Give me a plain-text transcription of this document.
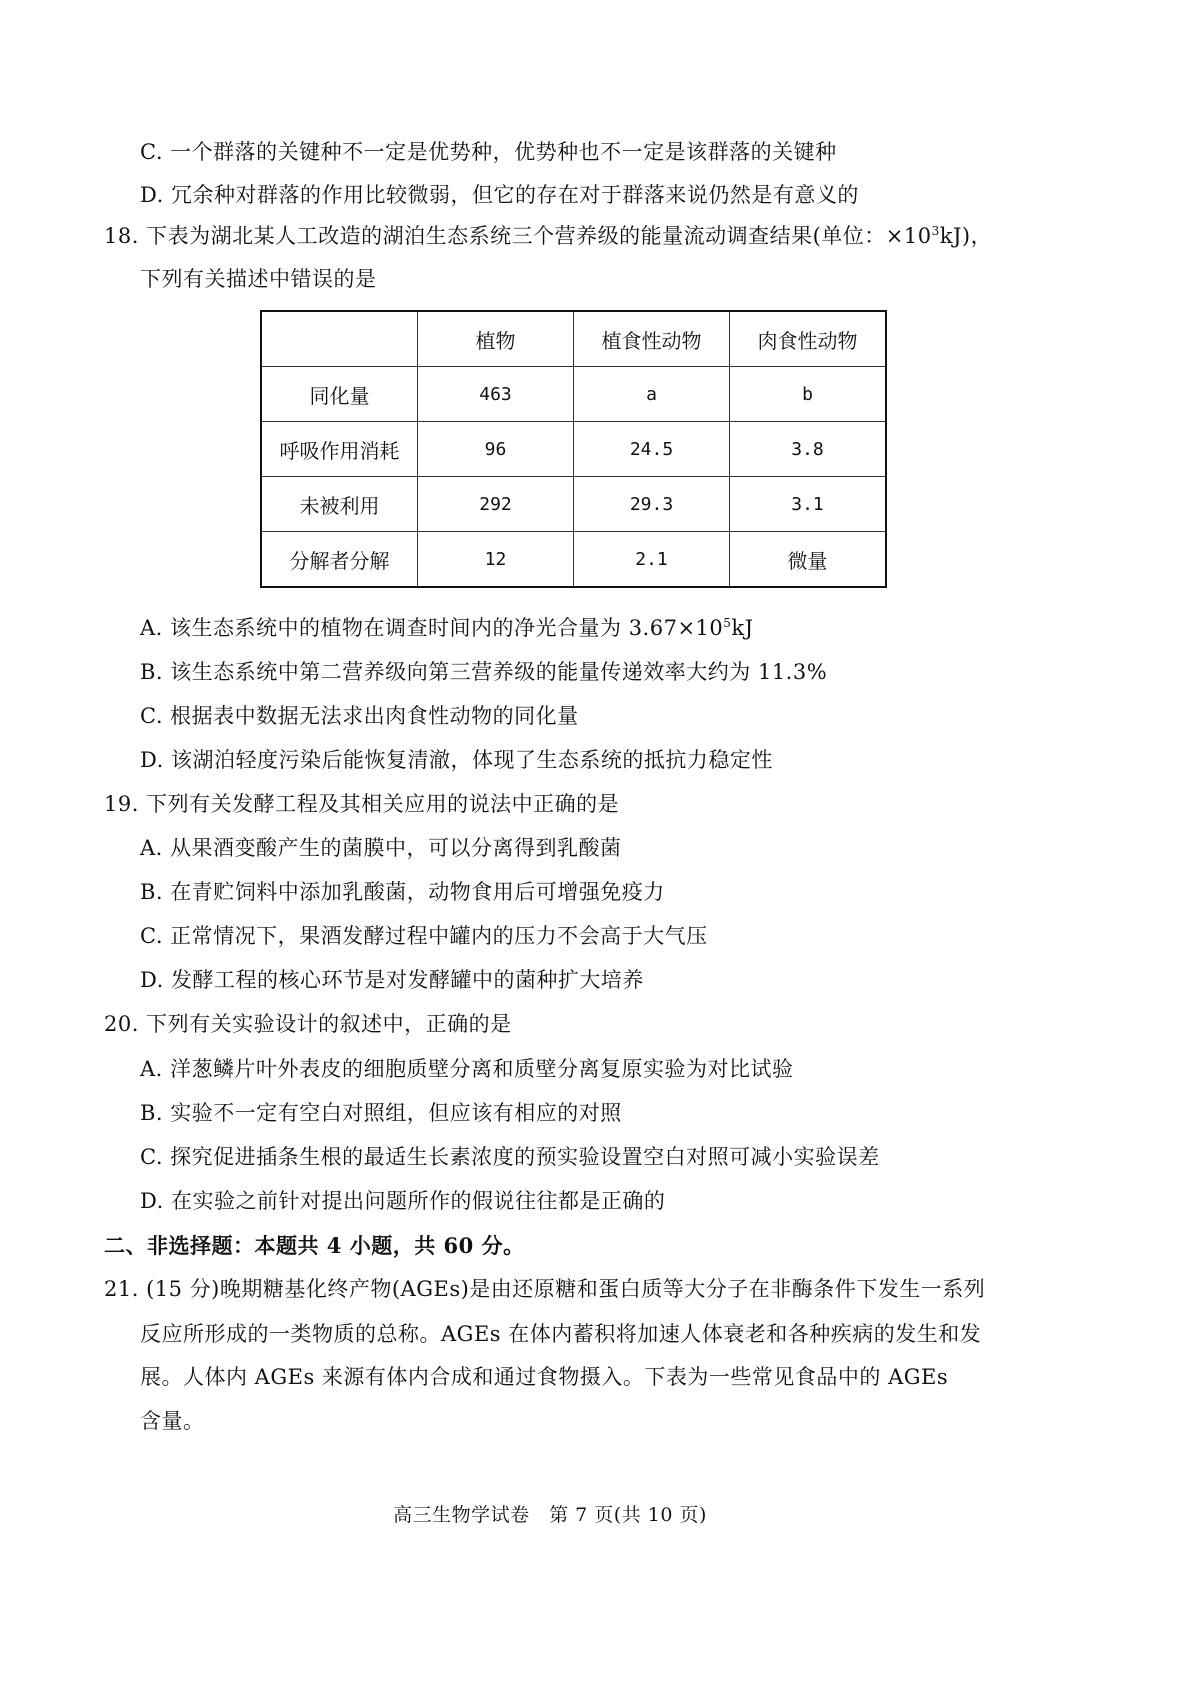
C. 一个群落的关键种不一定是优势种，优势种也不一定是该群落的关键种
D. 冗余种对群落的作用比较微弱，但它的存在对于群落来说仍然是有意义的
18. 下表为湖北某人工改造的湖泊生态系统三个营养级的能量流动调查结果(单位：$\times 10^3kJ$)，
下列有关描述中错误的是
	植物	植食性动物	肉食性动物
同化量	463	a	b
呼吸作用消耗	96	24.5	3.8
未被利用	292	29.3	3.1
分解者分解	12	2.1	微量
A. 该生态系统中的植物在调查时间内的净光合量为 $3.67\times 10^5kJ$
B. 该生态系统中第二营养级向第三营养级的能量传递效率大约为 11.3%
C. 根据表中数据无法求出肉食性动物的同化量
D. 该湖泊轻度污染后能恢复清澈，体现了生态系统的抵抗力稳定性
19. 下列有关发酵工程及其相关应用的说法中正确的是
A. 从果酒变酸产生的菌膜中，可以分离得到乳酸菌
B. 在青贮饲料中添加乳酸菌，动物食用后可增强免疫力
C. 正常情况下，果酒发酵过程中罐内的压力不会高于大气压
D. 发酵工程的核心环节是对发酵罐中的菌种扩大培养
20. 下列有关实验设计的叙述中，正确的是
A. 洋葱鳞片叶外表皮的细胞质壁分离和质壁分离复原实验为对比试验
B. 实验不一定有空白对照组，但应该有相应的对照
C. 探究促进插条生根的最适生长素浓度的预实验设置空白对照可减小实验误差
D. 在实验之前针对提出问题所作的假说往往都是正确的
二、非选择题：本题共 4 小题，共 60 分。
21. (15 分)晚期糖基化终产物(AGEs)是由还原糖和蛋白质等大分子在非酶条件下发生一系列
反应所形成的一类物质的总称。AGEs 在体内蓄积将加速人体衰老和各种疾病的发生和发
展。人体内 AGEs 来源有体内合成和通过食物摄入。下表为一些常见食品中的 AGEs
含量。
高三生物学试卷　第 7 页(共 10 页)
